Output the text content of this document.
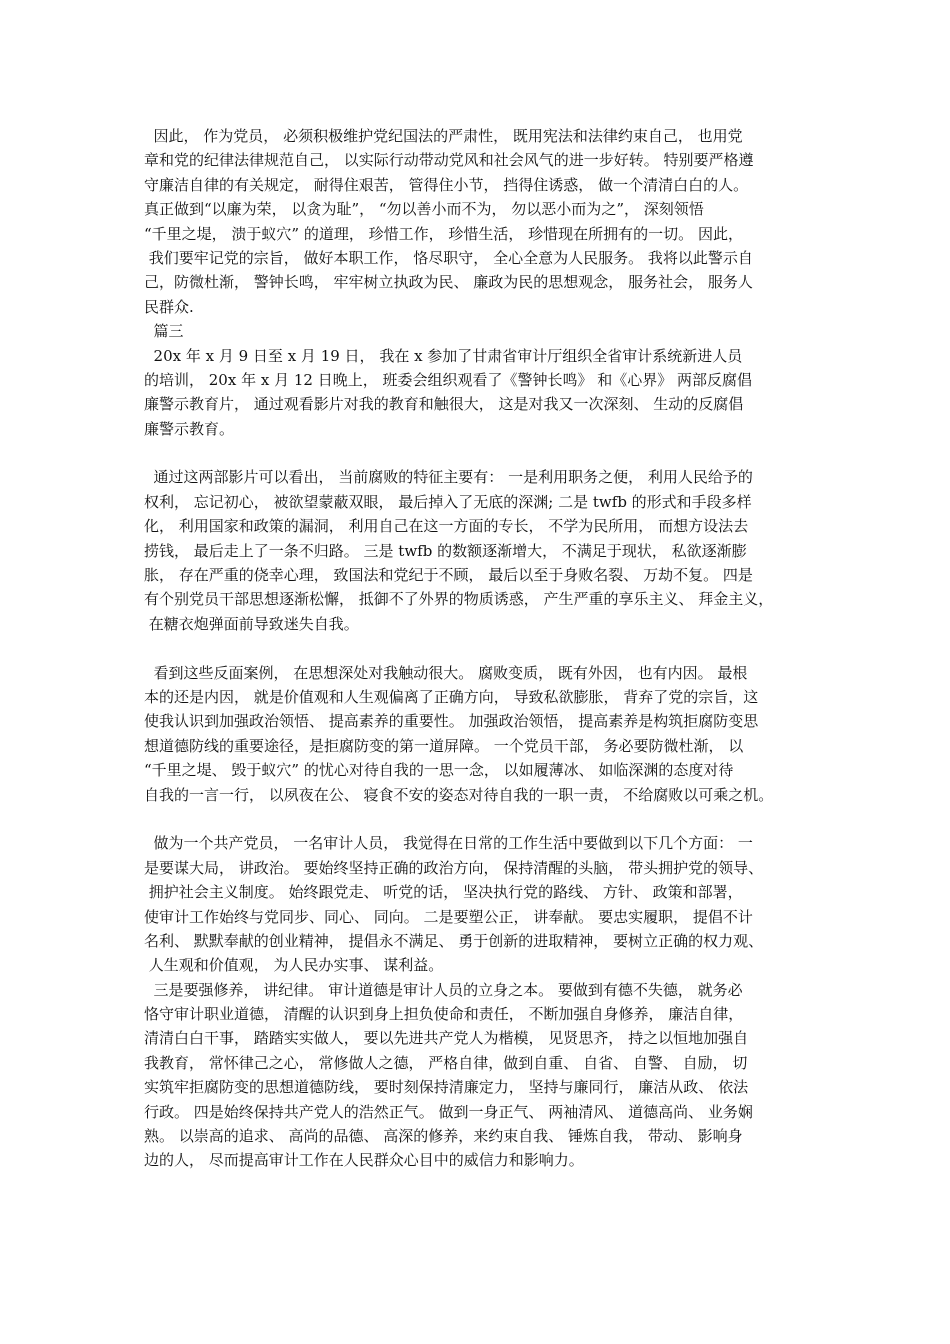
因此， 作为党员， 必须积极维护党纪国法的严肃性， 既用宪法和法律约束自己， 也用党
章和党的纪律法律规范自己， 以实际行动带动党风和社会风气的进一步好转。 特别要严格遵
守廉洁自律的有关规定， 耐得住艰苦， 管得住小节， 挡得住诱惑， 做一个清清白白的人。
真正做到“以廉为荣， 以贪为耻”， “勿以善小而不为， 勿以恶小而为之”， 深刻领悟
“千里之堤， 溃于蚁穴” 的道理， 珍惜工作， 珍惜生活， 珍惜现在所拥有的一切。 因此，
我们要牢记党的宗旨， 做好本职工作， 恪尽职守， 全心全意为人民服务。 我将以此警示自
己，防微杜渐， 警钟长鸣， 牢牢树立执政为民、 廉政为民的思想观念， 服务社会， 服务人
民群众.
篇三
20x 年 x 月 9 日至 x 月 19 日， 我在 x 参加了甘肃省审计厅组织全省审计系统新进人员
的培训， 20x 年 x 月 12 日晚上， 班委会组织观看了《警钟长鸣》 和《心界》 两部反腐倡
廉警示教育片， 通过观看影片对我的教育和触很大， 这是对我又一次深刻、 生动的反腐倡
廉警示教育。
通过这两部影片可以看出， 当前腐败的特征主要有： 一是利用职务之便， 利用人民给予的
权利， 忘记初心， 被欲望蒙蔽双眼， 最后掉入了无底的深渊; 二是 twfb 的形式和手段多样
化， 利用国家和政策的漏洞， 利用自己在这一方面的专长， 不学为民所用， 而想方设法去
捞钱， 最后走上了一条不归路。 三是 twfb 的数额逐渐增大， 不满足于现状， 私欲逐渐膨
胀， 存在严重的侥幸心理， 致国法和党纪于不顾， 最后以至于身败名裂、 万劫不复。 四是
有个别党员干部思想逐渐松懈， 抵御不了外界的物质诱惑， 产生严重的享乐主义、 拜金主义，
在糖衣炮弹面前导致迷失自我。
看到这些反面案例， 在思想深处对我触动很大。 腐败变质， 既有外因， 也有内因。 最根
本的还是内因， 就是价值观和人生观偏离了正确方向， 导致私欲膨胀， 背弃了党的宗旨，这
使我认识到加强政治领悟、 提高素养的重要性。 加强政治领悟， 提高素养是构筑拒腐防变思
想道德防线的重要途径，是拒腐防变的第一道屏障。 一个党员干部， 务必要防微杜渐， 以
“千里之堤、 毁于蚁穴” 的忧心对待自我的一思一念， 以如履薄冰、 如临深渊的态度对待
自我的一言一行， 以夙夜在公、 寝食不安的姿态对待自我的一职一责， 不给腐败以可乘之机。
做为一个共产党员， 一名审计人员， 我觉得在日常的工作生活中要做到以下几个方面： 一
是要谋大局， 讲政治。 要始终坚持正确的政治方向， 保持清醒的头脑， 带头拥护党的领导、
拥护社会主义制度。 始终跟党走、 听党的话， 坚决执行党的路线、 方针、 政策和部署，
使审计工作始终与党同步、同心、 同向。 二是要塑公正， 讲奉献。 要忠实履职， 提倡不计
名利、 默默奉献的创业精神， 提倡永不满足、 勇于创新的进取精神， 要树立正确的权力观、
人生观和价值观， 为人民办实事、 谋利益。
三是要强修养， 讲纪律。 审计道德是审计人员的立身之本。 要做到有德不失德， 就务必
恪守审计职业道德， 清醒的认识到身上担负使命和责任， 不断加强自身修养， 廉洁自律，
清清白白干事， 踏踏实实做人， 要以先进共产党人为楷模， 见贤思齐， 持之以恒地加强自
我教育， 常怀律己之心， 常修做人之德， 严格自律，做到自重、 自省、 自警、 自励， 切
实筑牢拒腐防变的思想道德防线， 要时刻保持清廉定力， 坚持与廉同行， 廉洁从政、 依法
行政。 四是始终保持共产党人的浩然正气。 做到一身正气、 两袖清风、 道德高尚、 业务娴
熟。 以崇高的追求、 高尚的品德、 高深的修养，来约束自我、 锤炼自我， 带动、 影响身
边的人， 尽而提高审计工作在人民群众心目中的威信力和影响力。
